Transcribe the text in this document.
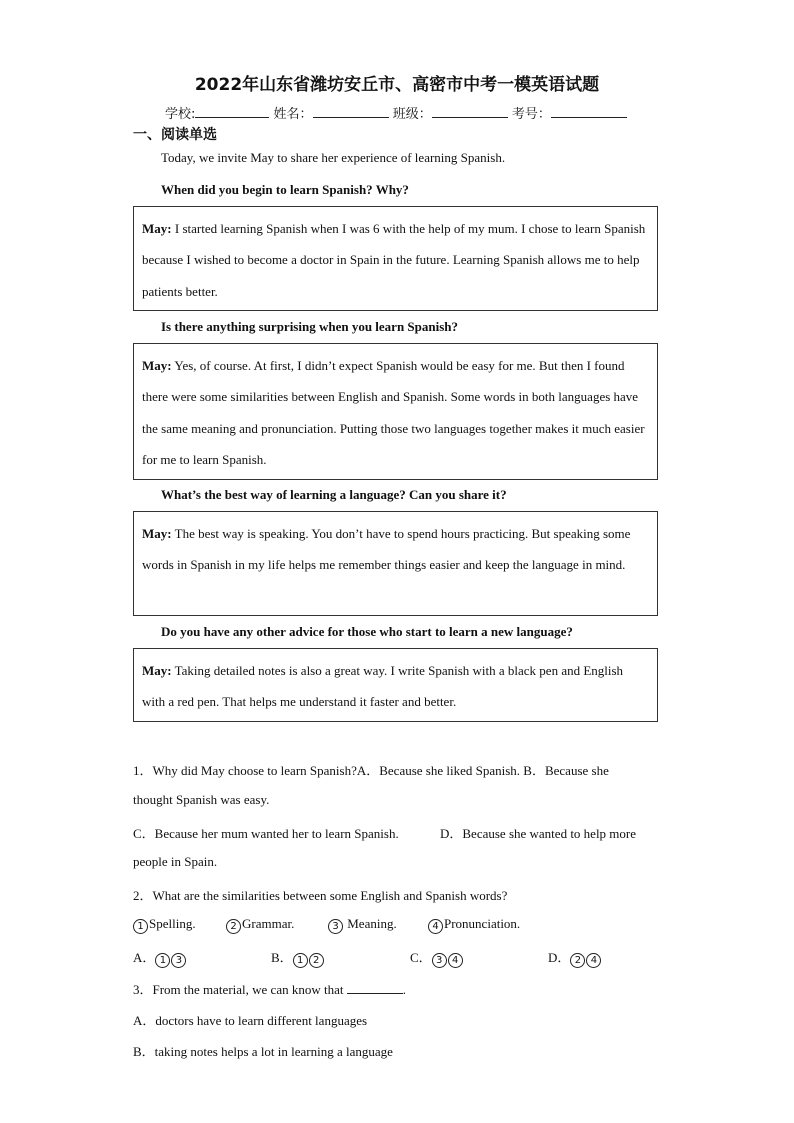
2022年山东省潍坊安丘市、高密市中考一模英语试题
学校:	姓名：	班级：	考号：
一、阅读单选
Today, we invite May to share her experience of learning Spanish.
When did you begin to learn Spanish? Why?
May: I started learning Spanish when I was 6 with the help of my mum. I chose to learn Spanish because I wished to become a doctor in Spain in the future. Learning Spanish allows me to help patients better.
Is there anything surprising when you learn Spanish?
May: Yes, of course. At first, I didn’t expect Spanish would be easy for me. But then I found there were some similarities between English and Spanish. Some words in both languages have the same meaning and pronunciation. Putting those two languages together makes it much easier for me to learn Spanish.
What’s the best way of learning a language? Can you share it?
May: The best way is speaking. You don’t have to spend hours practicing. But speaking some words in Spanish in my life helps me remember things easier and keep the language in mind.
Do you have any other advice for those who start to learn a new language?
May: Taking detailed notes is also a great way. I write Spanish with a black pen and English with a red pen. That helps me understand it faster and better.
1．Why did May choose to learn Spanish?A．Because she liked Spanish. B．Because she
thought Spanish was easy.
C．Because her mum wanted her to learn Spanish.	D．Because she wanted to help more
people in Spain.
2．What are the similarities between some English and Spanish words?
1 Spelling.	2 Grammar.	3 Meaning.	4 Pronunciation.
A． 1 3	B． 1 2	C． 3 4	D． 2 4
3．From the material, we can know that	.
A．doctors have to learn different languages
B．taking notes helps a lot in learning a language
